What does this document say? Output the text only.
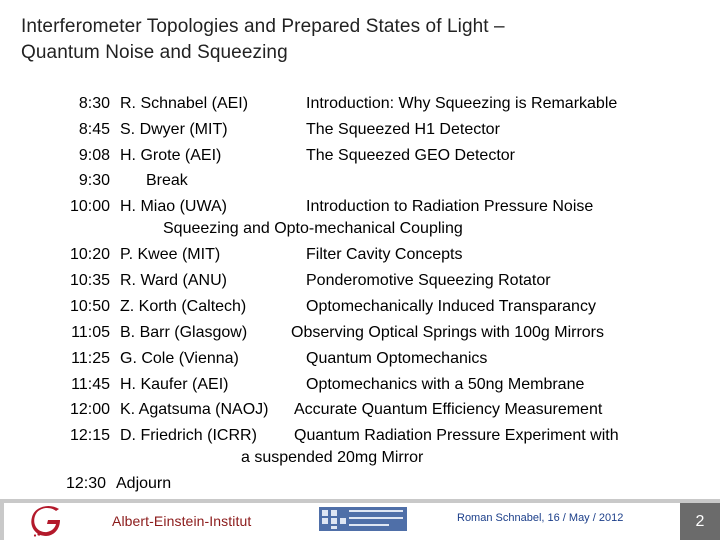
Interferometer Topologies and Prepared States of Light –
Quantum Noise and Squeezing
8:30 R. Schnabel (AEI)	Introduction: Why Squeezing is Remarkable
8:45 S. Dwyer (MIT)	The Squeezed H1 Detector
9:08 H. Grote (AEI)	The Squeezed GEO Detector
9:30 Break
10:00 H. Miao (UWA)	Introduction to Radiation Pressure Noise
Squeezing and Opto-mechanical Coupling
10:20 P. Kwee (MIT)	Filter Cavity Concepts
10:35 R. Ward (ANU)	Ponderomotive Squeezing Rotator
10:50 Z. Korth (Caltech)	Optomechanically Induced Transparancy
11:05 B. Barr (Glasgow)	Observing Optical Springs with 100g Mirrors
11:25 G. Cole (Vienna)	Quantum Optomechanics
11:45 H. Kaufer (AEI)	Optomechanics with a 50ng Membrane
12:00 K. Agatsuma (NAOJ) Accurate Quantum Efficiency Measurement
12:15 D. Friedrich (ICRR) Quantum Radiation Pressure Experiment with
a suspended 20mg Mirror
12:30 Adjourn
Albert-Einstein-Institut	Roman Schnabel, 16 / May / 2012	2
